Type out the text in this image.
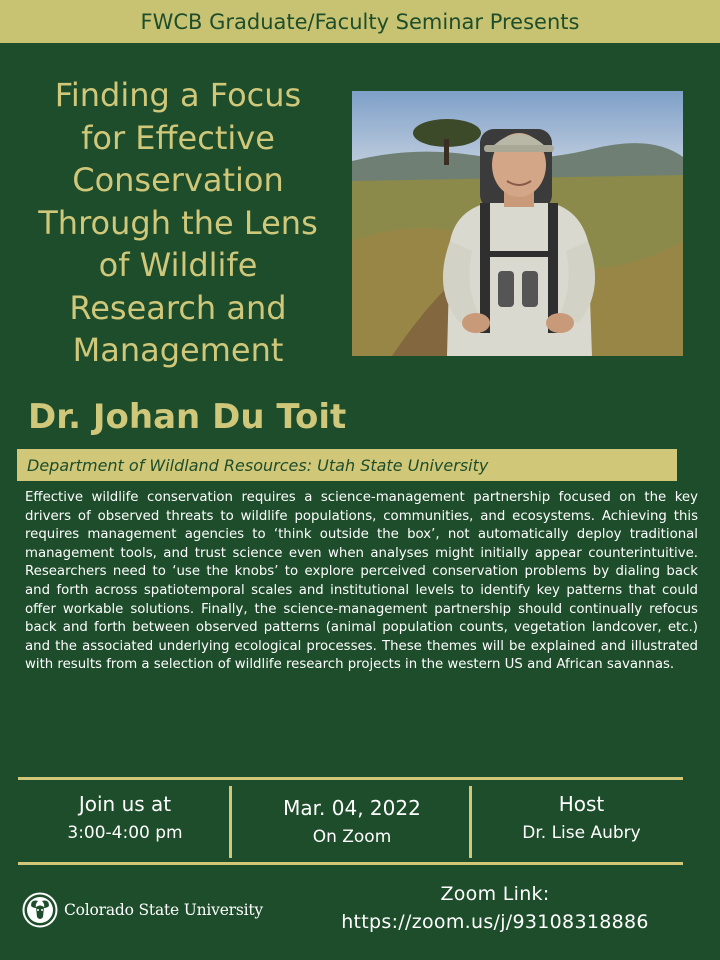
FWCB Graduate/Faculty Seminar Presents
Finding a Focus
for Effective
Conservation
Through the Lens
of Wildlife
Research and
Management
Dr. Johan Du Toit
Department of Wildland Resources: Utah State University

Effective wildlife conservation requires a science-management partnership focused on the key drivers of observed threats to wildlife populations, communities, and ecosystems. Achieving this requires management agencies to ‘think outside the box’, not automatically deploy traditional management tools, and trust science even when analyses might initially appear counterintuitive. Researchers need to ‘use the knobs’ to explore perceived conservation problems by dialing back and forth across spatiotemporal scales and institutional levels to identify key patterns that could offer workable solutions. Finally, the science-management partnership should continually refocus back and forth between observed patterns (animal population counts, vegetation landcover, etc.) and the associated underlying ecological processes. These themes will be explained and illustrated with results from a selection of wildlife research projects in the western US and African savannas.

Join us at
3:00-4:00 pm
Mar. 04, 2022
On Zoom
Host
Dr. Lise Aubry
Colorado State University
Zoom Link:
https://zoom.us/j/93108318886
